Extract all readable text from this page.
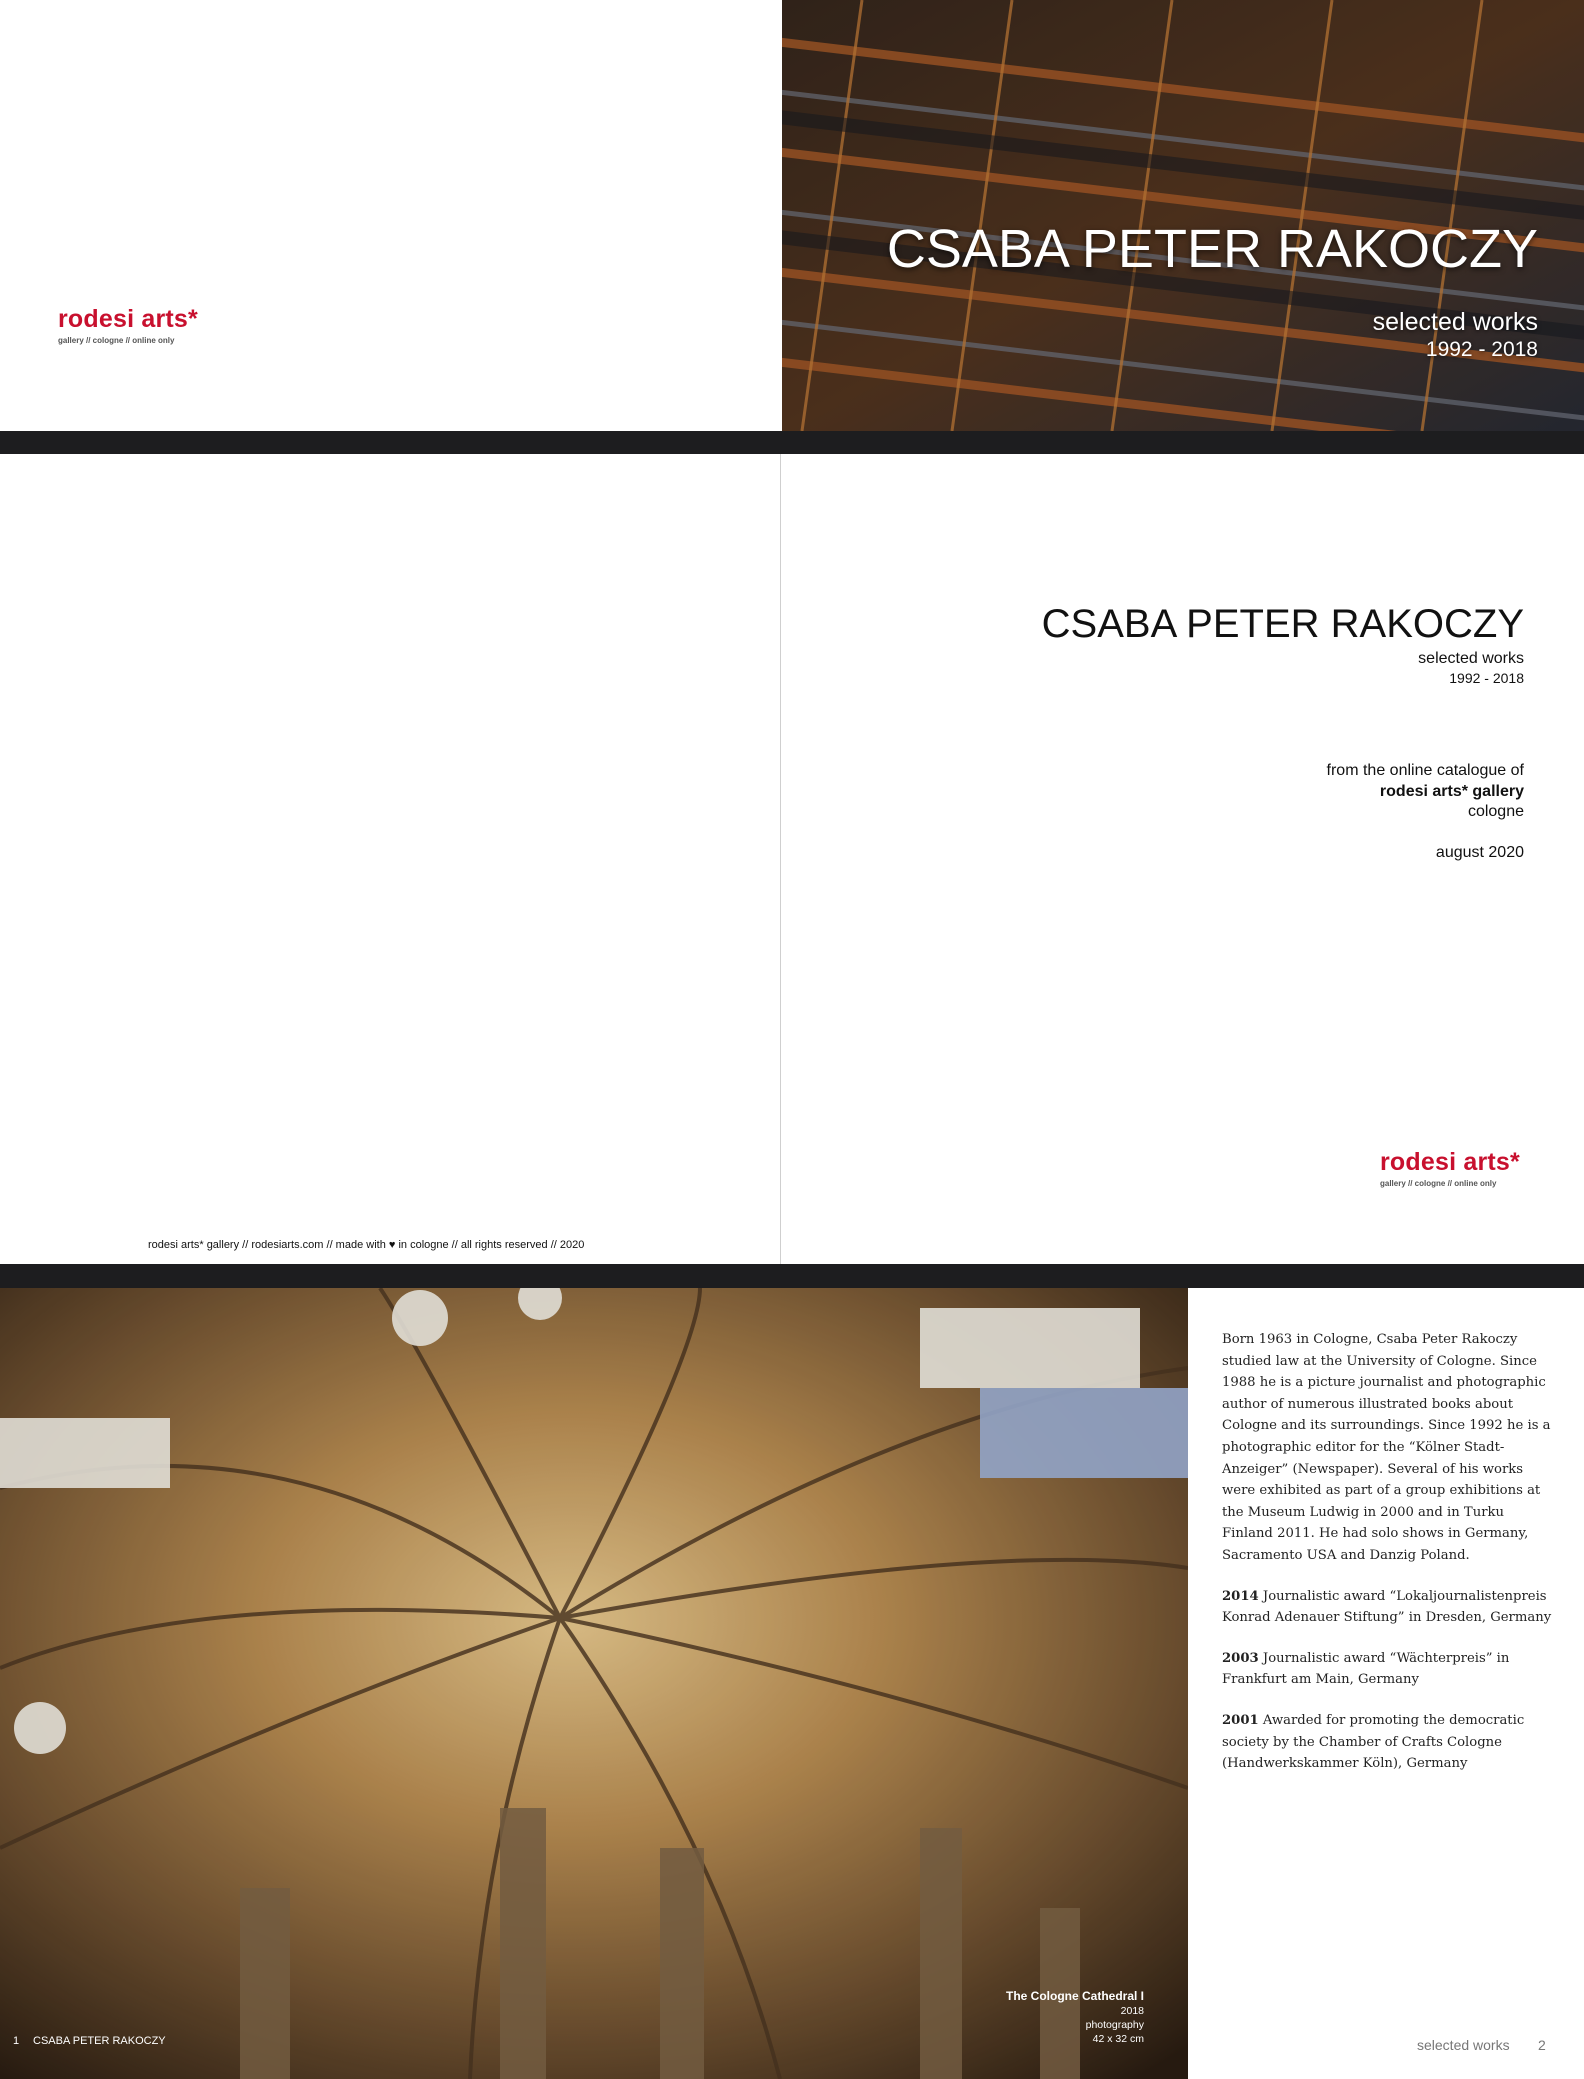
rodesi arts*
gallery // cologne // online only
CSABA PETER RAKOCZY
selected works
1992 - 2018
CSABA PETER RAKOCZY
selected works
1992 - 2018
from the online catalogue of
rodesi arts* gallery
cologne
august 2020
rodesi arts*
gallery // cologne // online only
rodesi arts* gallery // rodesiarts.com // made with ♥ in cologne // all rights reserved // 2020
The Cologne Cathedral I
2018
photography
42 x 32 cm
1 CSABA PETER RAKOCZY

Born 1963 in Cologne, Csaba Peter Rakoczy studied law at the University of Cologne. Since 1988 he is a picture journalist and photographic author of numerous illustrated books about Cologne and its surroundings. Since 1992 he is a photographic editor for the “Kölner Stadt-Anzeiger” (Newspaper). Several of his works were exhibited as part of a group exhibitions at the Museum Ludwig in 2000 and in Turku Finland 2011. He had solo shows in Germany, Sacramento USA and Danzig Poland.

2014 Journalistic award “Lokaljournalistenpreis Konrad Adenauer Stiftung” in Dresden, Germany

2003 Journalistic award “Wächterpreis” in Frankfurt am Main, Germany

2001 Awarded for promoting the democratic society by the Chamber of Crafts Cologne (Handwerkskammer Köln), Germany

selected works 2
